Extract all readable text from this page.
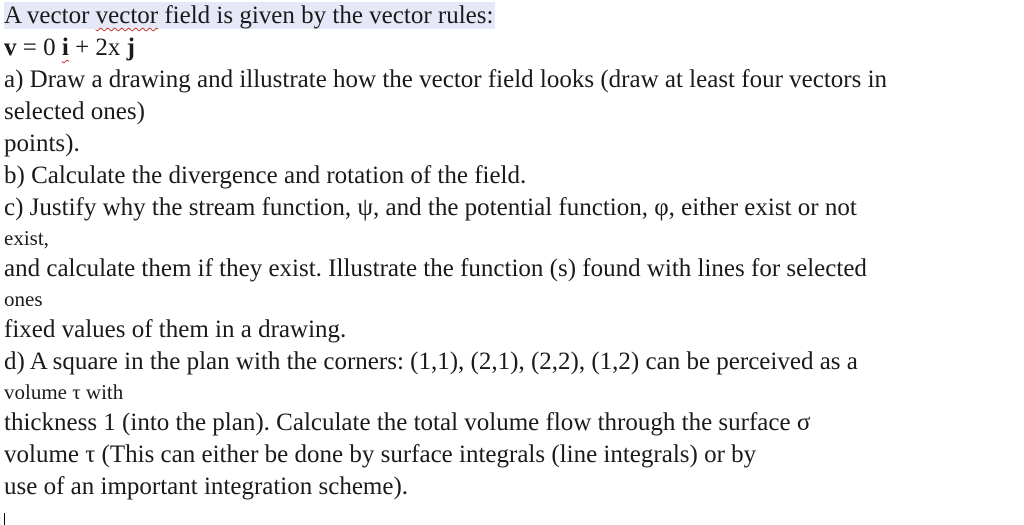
A vector vector field is given by the vector rules:
v = 0 i + 2x j
a) Draw a drawing and illustrate how the vector field looks (draw at least four vectors in
selected ones)
points).
b) Calculate the divergence and rotation of the field.
c) Justify why the stream function, ψ, and the potential function, φ, either exist or not
exist,
and calculate them if they exist. Illustrate the function (s) found with lines for selected
ones
fixed values of them in a drawing.
d) A square in the plan with the corners: (1,1), (2,1), (2,2), (1,2) can be perceived as a
volume τ with
thickness 1 (into the plan). Calculate the total volume flow through the surface σ
volume τ (This can either be done by surface integrals (line integrals) or by
use of an important integration scheme).
